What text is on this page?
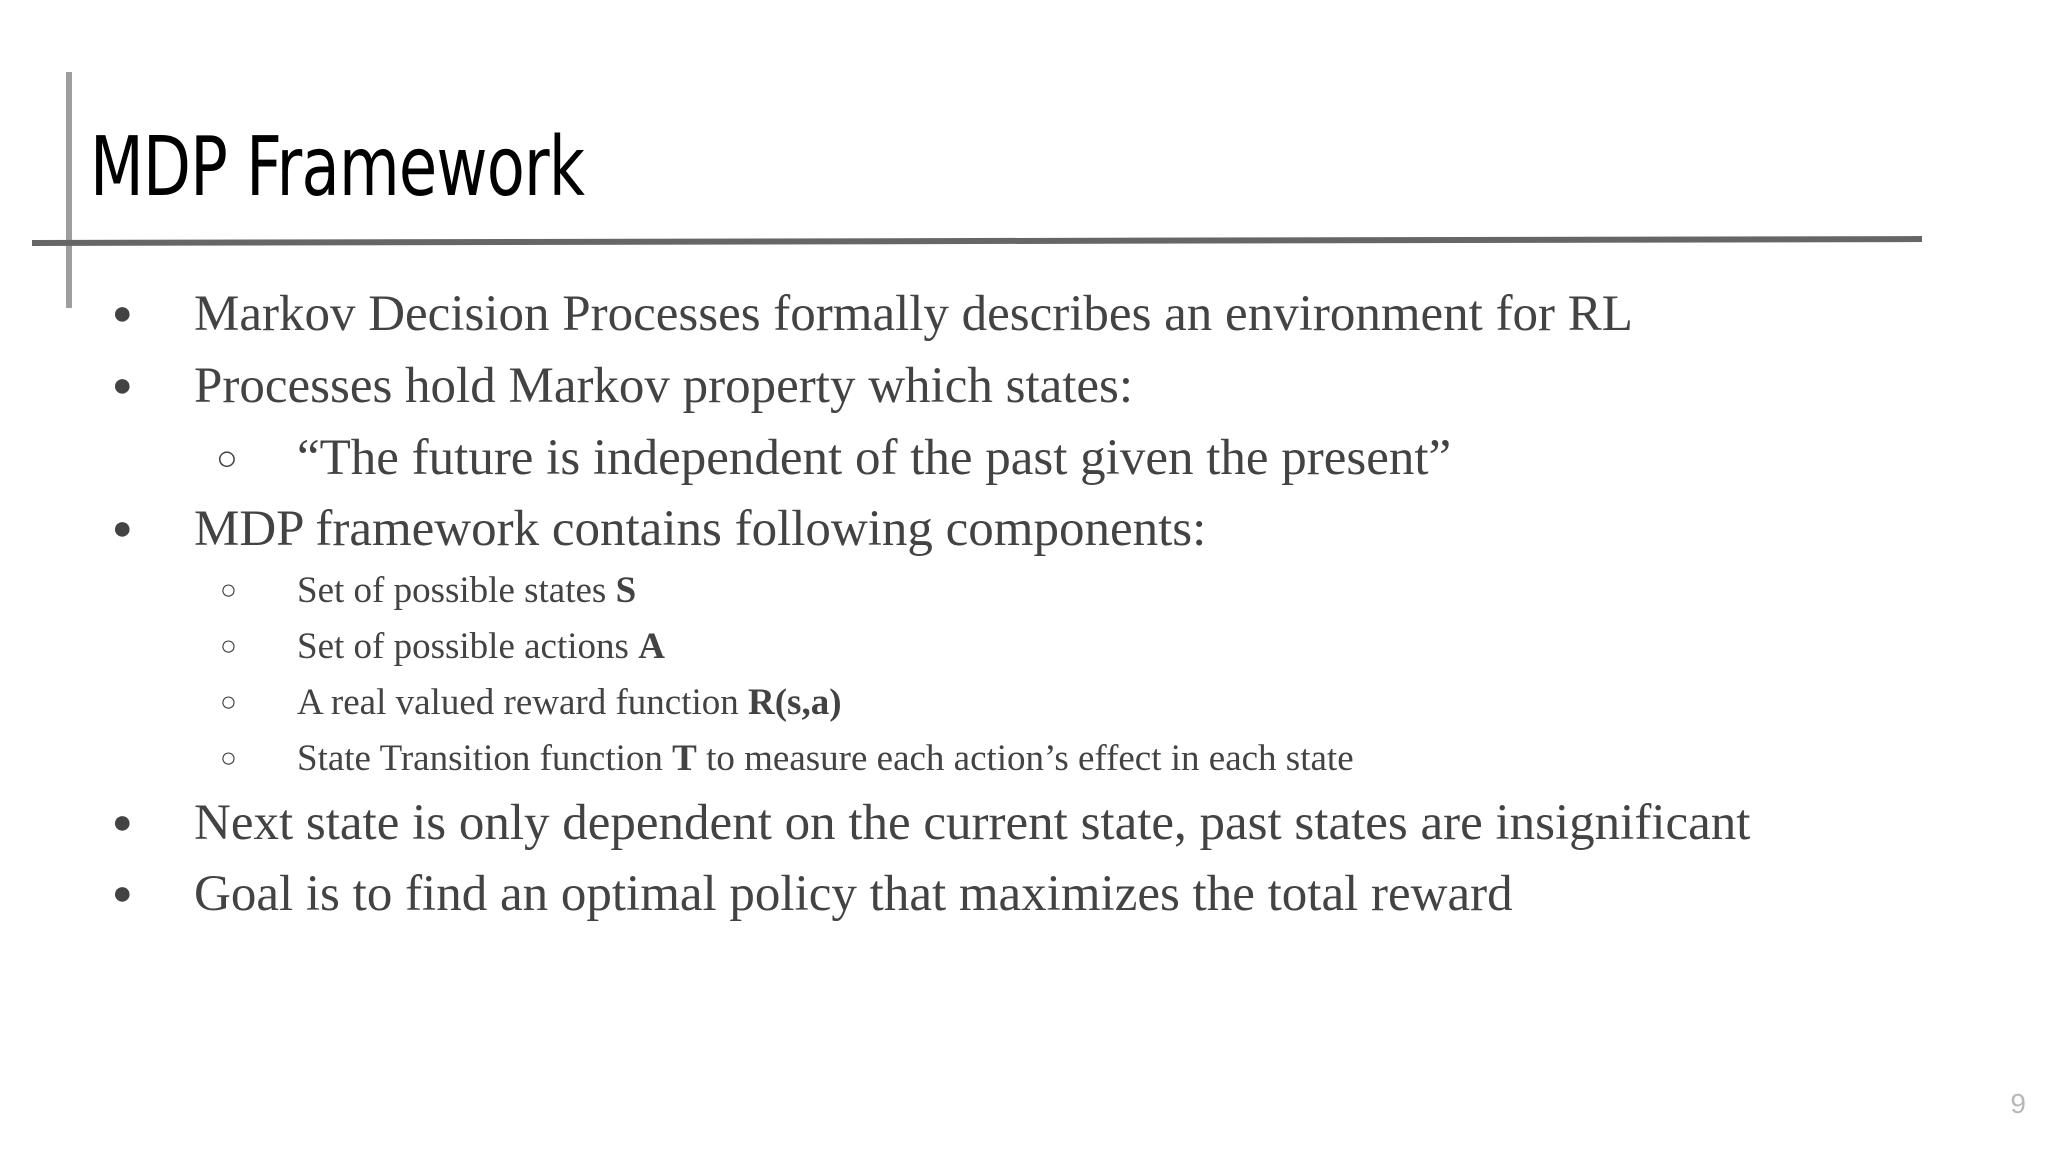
MDP Framework
● Markov Decision Processes formally describes an environment for RL
● Processes hold Markov property which states:
○ “The future is independent of the past given the present”
● MDP framework contains following components:
○ Set of possible states S
○ Set of possible actions A
○ A real valued reward function R(s,a)
○ State Transition function T to measure each action’s effect in each state
● Next state is only dependent on the current state, past states are insignificant
● Goal is to find an optimal policy that maximizes the total reward
9
